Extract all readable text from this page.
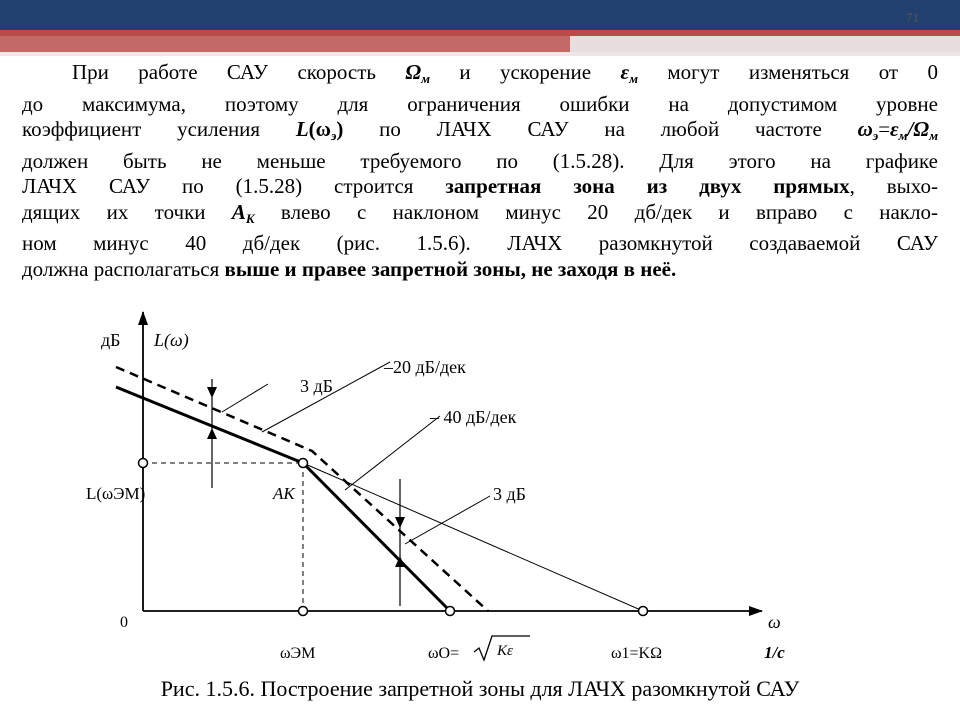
71
При работе САУ скорость $\Omega_м$ и ускорение $\varepsilon_м$ могут изменяться от 0
до максимума, поэтому для ограничения ошибки на допустимом уровне
коэффициент усиления $L(\omega_э)$ по ЛАЧХ САУ на любой частоте $\omega_э=\varepsilon_м/\Omega_м$
должен быть не меньше требуемого по (1.5.28). Для этого на графике
ЛАЧХ САУ по (1.5.28) строится запретная зона из двух прямых, выхо-
дящих их точки $A_K$ влево с наклоном минус 20 дб/дек и вправо с накло-
ном минус 40 дб/дек (рис. 1.5.6). ЛАЧХ разомкнутой создаваемой САУ
должна располагаться выше и правее запретной зоны, не заходя в неё.
дБ L(ω)
0
L(ωЭМ)	AK
–20 дБ/дек
– 40 дБ/дек
3 дБ
3 дБ
ω
1/c
ωЭМ	ωO=	Kε	ω1=KΩ
Рис. 1.5.6. Построение запретной зоны для ЛАЧХ разомкнутой САУ
